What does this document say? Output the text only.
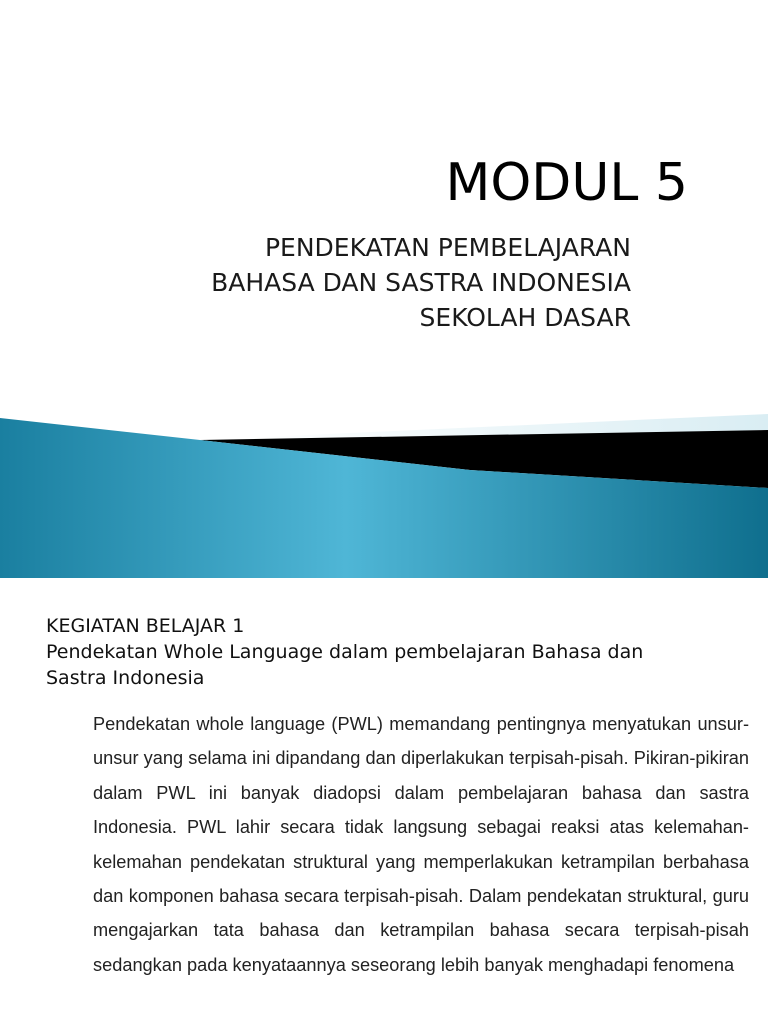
MODUL 5
PENDEKATAN PEMBELAJARAN
BAHASA DAN SASTRA INDONESIA
SEKOLAH DASAR
KEGIATAN BELAJAR 1
Pendekatan Whole Language dalam pembelajaran Bahasa dan Sastra Indonesia

Pendekatan whole language (PWL) memandang pentingnya menyatukan unsur-unsur yang selama ini dipandang dan diperlakukan terpisah-pisah. Pikiran-pikiran dalam PWL ini banyak diadopsi dalam pembelajaran bahasa dan sastra Indonesia. PWL lahir secara tidak langsung sebagai reaksi atas kelemahan-kelemahan pendekatan struktural yang memperlakukan ketrampilan berbahasa dan komponen bahasa secara terpisah-pisah. Dalam pendekatan struktural, guru mengajarkan tata bahasa dan ketrampilan bahasa secara terpisah-pisah sedangkan pada kenyataannya seseorang lebih banyak menghadapi fenomena
